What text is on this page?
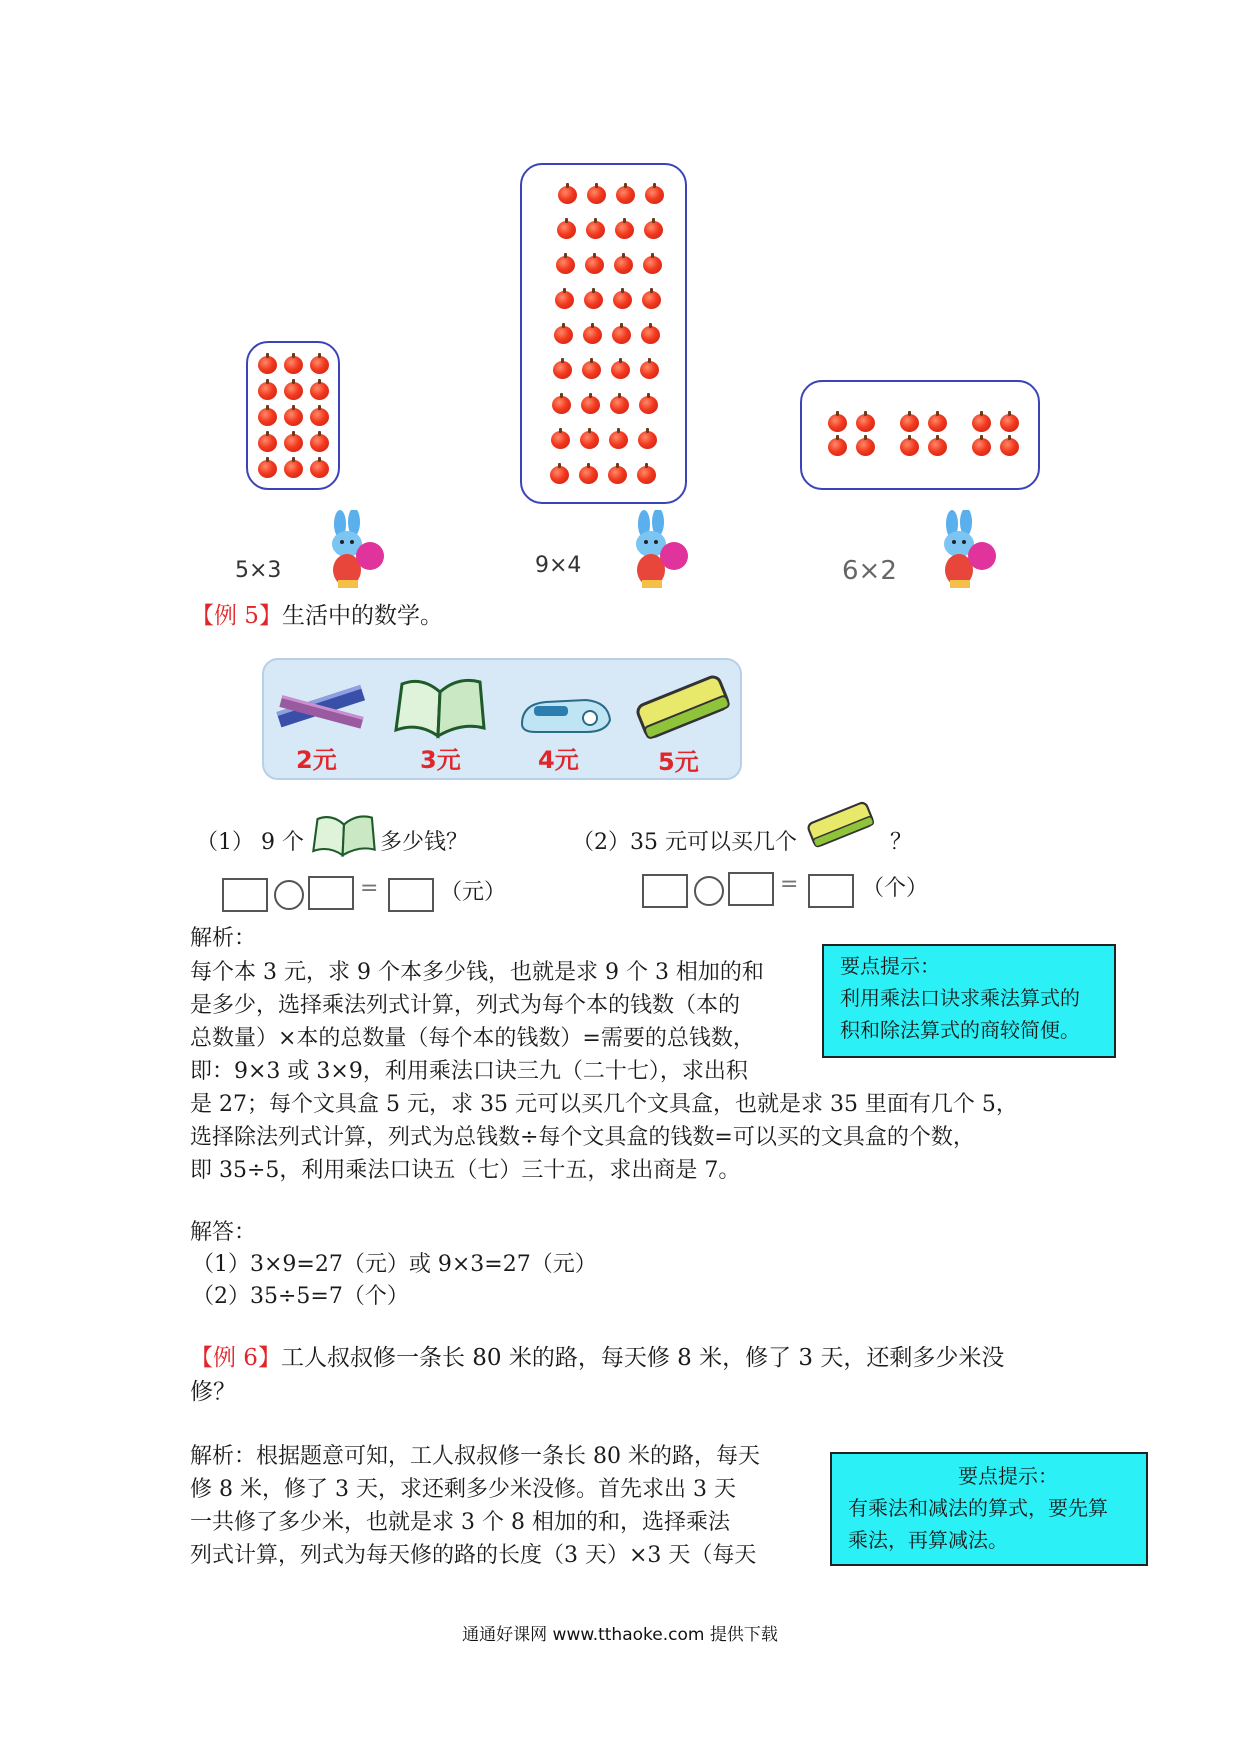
5×3	9×4	6×2
【例 5】生活中的数学。
2元	3元	4元	5元
（1） 9 个	多少钱？
=	（元）
（2）35 元可以买几个	？
=	（个）
解析：
每个本 3 元，求 9 个本多少钱，也就是求 9 个 3 相加的和
是多少，选择乘法列式计算，列式为每个本的钱数（本的
总数量）×本的总数量（每个本的钱数）=需要的总钱数，
即：9×3 或 3×9，利用乘法口诀三九（二十七），求出积
是 27；每个文具盒 5 元，求 35 元可以买几个文具盒，也就是求 35 里面有几个 5，
选择除法列式计算，列式为总钱数÷每个文具盒的钱数=可以买的文具盒的个数，
即 35÷5，利用乘法口诀五（七）三十五，求出商是 7。
要点提示：
利用乘法口诀求乘法算式的
积和除法算式的商较简便。
解答：
（1）3×9=27（元）或 9×3=27（元）
（2）35÷5=7（个）
【例 6】工人叔叔修一条长 80 米的路，每天修 8 米，修了 3 天，还剩多少米没
修？
解析：根据题意可知，工人叔叔修一条长 80 米的路，每天
修 8 米，修了 3 天，求还剩多少米没修。首先求出 3 天
一共修了多少米，也就是求 3 个 8 相加的和，选择乘法
列式计算，列式为每天修的路的长度（3 天）×3 天（每天
要点提示：
有乘法和减法的算式，要先算
乘法，再算减法。
通通好课网 www.tthaoke.com 提供下载
